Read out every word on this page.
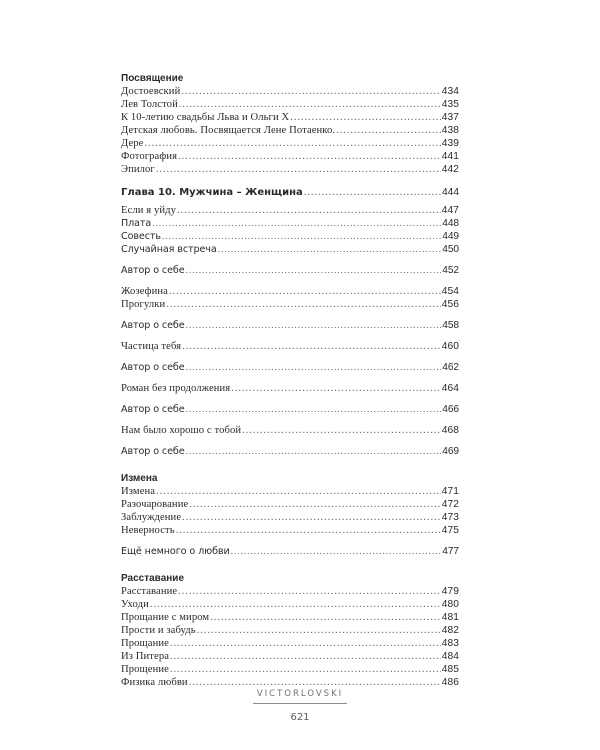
Посвящение
Достоевский .....	434
Лев Толстой .....	435
К 10-летию свадьбы Льва и Ольги Х .....	437
Детская любовь. Посвящается Лене Потаенко. .....	438
Дере .....	439
Фотография .....	441
Эпилог .....	442
Глава 10. Мужчина – Женщина .....	444
Если я уйду .....	447
Плата .....	448
Совесть .....	449
Случайная встреча .....	450
Автор о себе .....	452
Жозефина .....	454
Прогулки .....	456
Автор о себе .....	458
Частица тебя .....	460
Автор о себе .....	462
Роман без продолжения .....	464
Автор о себе .....	466
Нам было хорошо с тобой .....	468
Автор о себе .....	469
Измена
Измена .....	471
Разочарование .....	472
Заблуждение .....	473
Неверность .....	475
Ещё немного о любви .....	477
Расставание
Расставание .....	479
Уходи .....	480
Прощание с миром .....	481
Прости и забудь .....	482
Прощание .....	483
Из Питера .....	484
Прощение .....	485
Физика любви .....	486
VICTORLOVSKI
621
